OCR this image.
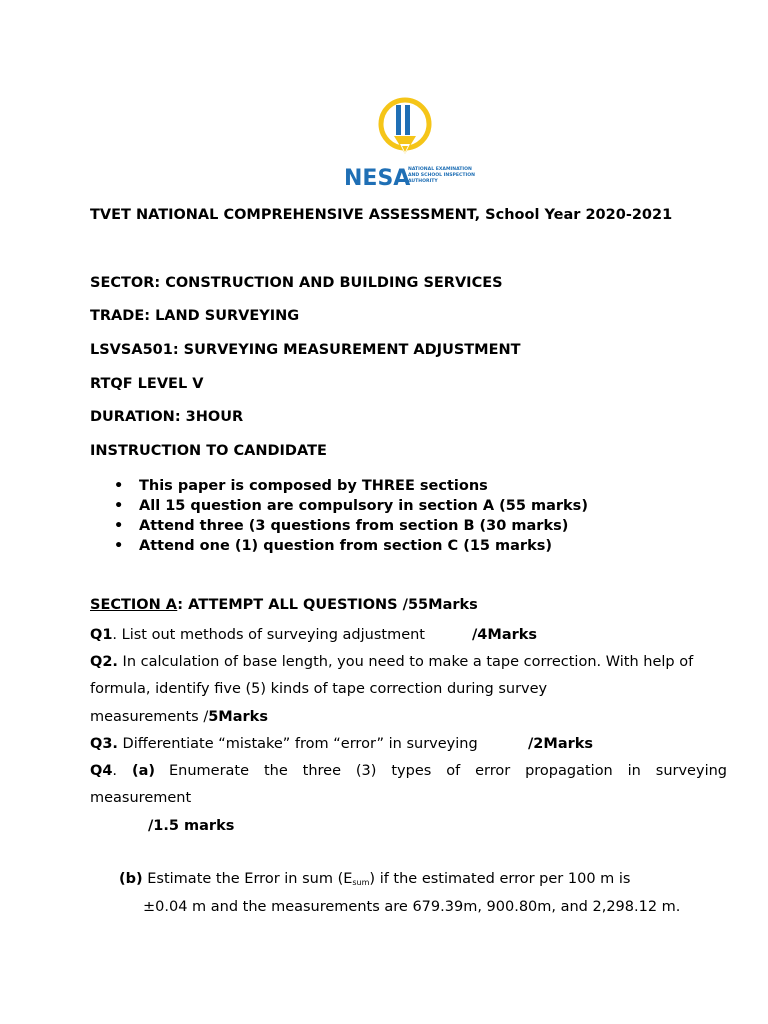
NESA
NATIONAL EXAMINATION
AND SCHOOL INSPECTION
AUTHORITY
TVET NATIONAL COMPREHENSIVE ASSESSMENT, School Year 2020-2021
SECTOR: CONSTRUCTION AND BUILDING SERVICES
TRADE: LAND SURVEYING
LSVSA501: SURVEYING MEASUREMENT ADJUSTMENT
RTQF LEVEL V
DURATION: 3HOUR
INSTRUCTION TO CANDIDATE
• This paper is composed by THREE sections
• All 15 question are compulsory in section A (55 marks)
• Attend three (3 questions from section B (30 marks)
• Attend one (1) question from section C (15 marks)
SECTION A: ATTEMPT ALL QUESTIONS /55Marks
Q1. List out methods of surveying adjustment	/4Marks
Q2. In calculation of base length, you need to make a tape correction. With help of
formula, identify five (5) kinds of tape correction during survey
measurements /5Marks
Q3. Differentiate “mistake” from “error” in surveying	/2Marks
Q4. (a) Enumerate the three (3) types of error propagation in surveying
measurement
/1.5 marks
(b) Estimate the Error in sum $(E_{sum})$ if the estimated error per 100 m is
±0.04 m and the measurements are 679.39m, 900.80m, and 2,298.12 m.
